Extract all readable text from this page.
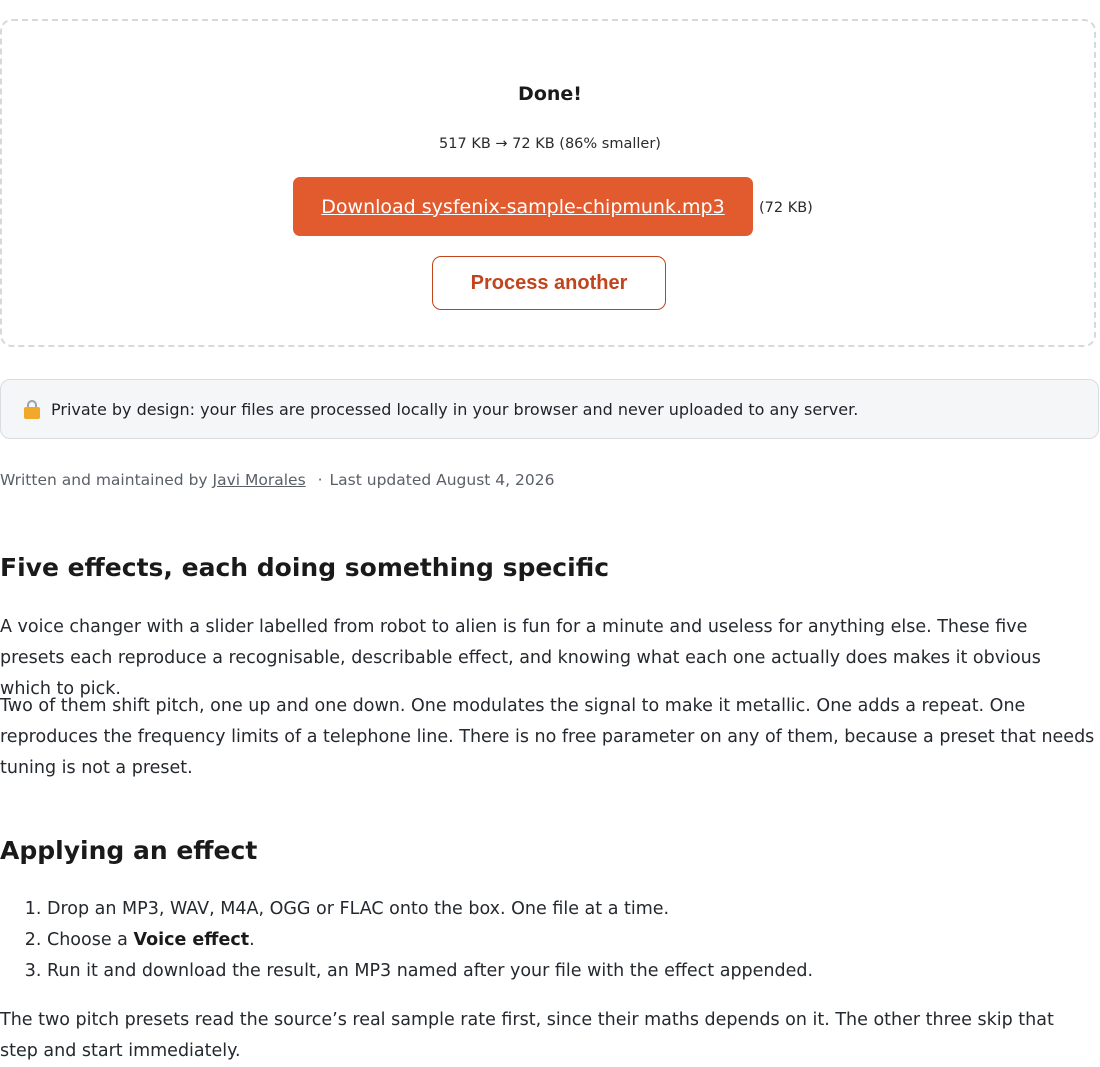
Done!
517 KB → 72 KB (86% smaller)
Download sysfenix-sample-chipmunk.mp3	(72 KB)
Process another
Private by design: your files are processed locally in your browser and never uploaded to any server.
Written and maintained by Javi Morales · Last updated August 4, 2026
Five effects, each doing something specific

A voice changer with a slider labelled from robot to alien is fun for a minute and useless for anything else. These five presets each reproduce a recognisable, describable effect, and knowing what each one actually does makes it obvious which to pick.

Two of them shift pitch, one up and one down. One modulates the signal to make it metallic. One adds a repeat. One reproduces the frequency limits of a telephone line. There is no free parameter on any of them, because a preset that needs tuning is not a preset.

Applying an effect
1. Drop an MP3, WAV, M4A, OGG or FLAC onto the box. One file at a time.
2. Choose a Voice effect.
3. Run it and download the result, an MP3 named after your file with the effect appended.

The two pitch presets read the source’s real sample rate first, since their maths depends on it. The other three skip that step and start immediately.
